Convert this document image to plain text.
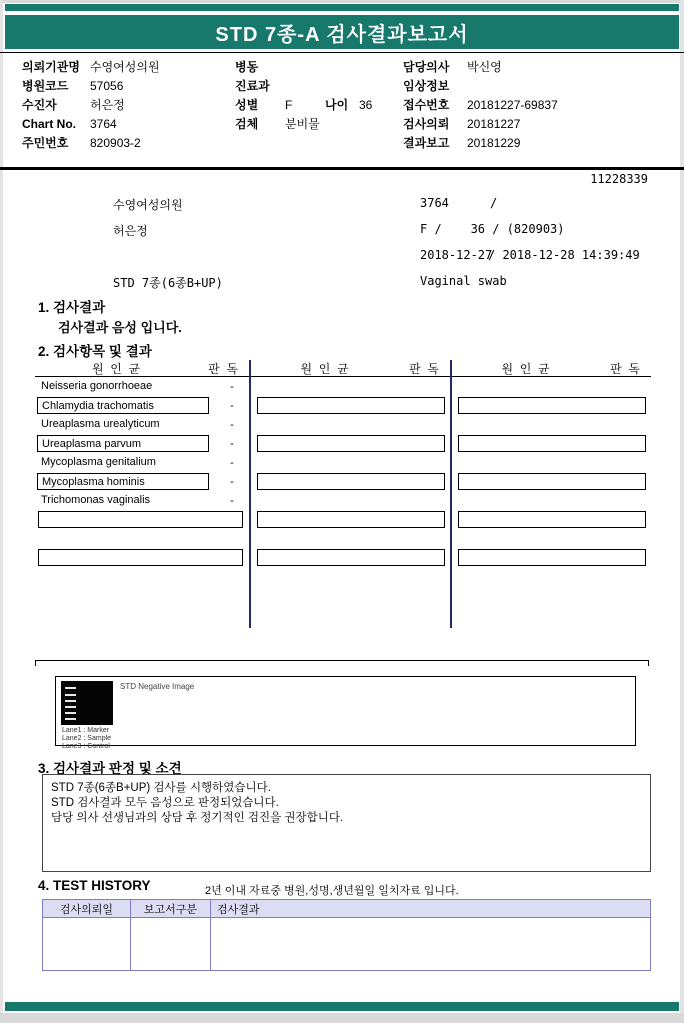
STD 7종-A 검사결과보고서
의뢰기관명 수영여성의원
병원코드	57056
수진자	허은정
Chart No.	3764
주민번호	820903-2
병동
진료과
성별	F	나이 36
검체	분비물
담당의사	박신영
임상정보
접수번호	20181227-69837
검사의뢰	20181227
결과보고	20181229
11228339
수영여성의원	3764	/
허은정	F /    36 / (820903)
2018-12-27
/ 2018-12-28 14:39:49
STD 7종(6종B+UP)	Vaginal swab
1. 검사결과
검사결과 음성 입니다.
2. 검사항목 및 결과
원  인  균	판  독
Neisseria gonorrhoeae	-
Chlamydia trachomatis	-
Ureaplasma urealyticum	-
Ureaplasma parvum	-
Mycoplasma genitalium	-
Mycoplasma hominis	-
Trichomonas vaginalis	-
원  인  균	판  독	원  인  균	판  독
STD Negative Image
Lane1 : Marker
Lane2 : Sample
Lane3 : Control
3. 검사결과 판정 및 소견
STD 7종(6종B+UP) 검사를 시행하였습니다.
STD 검사결과 모두 음성으로 판정되었습니다.
담당 의사 선생님과의 상담 후 정기적인 검진을 권장합니다.
4. TEST HISTORY	2년 이내 자료중 병원,성명,생년월일 일치자료 입니다.
검사의뢰일	보고서구분	검사결과
